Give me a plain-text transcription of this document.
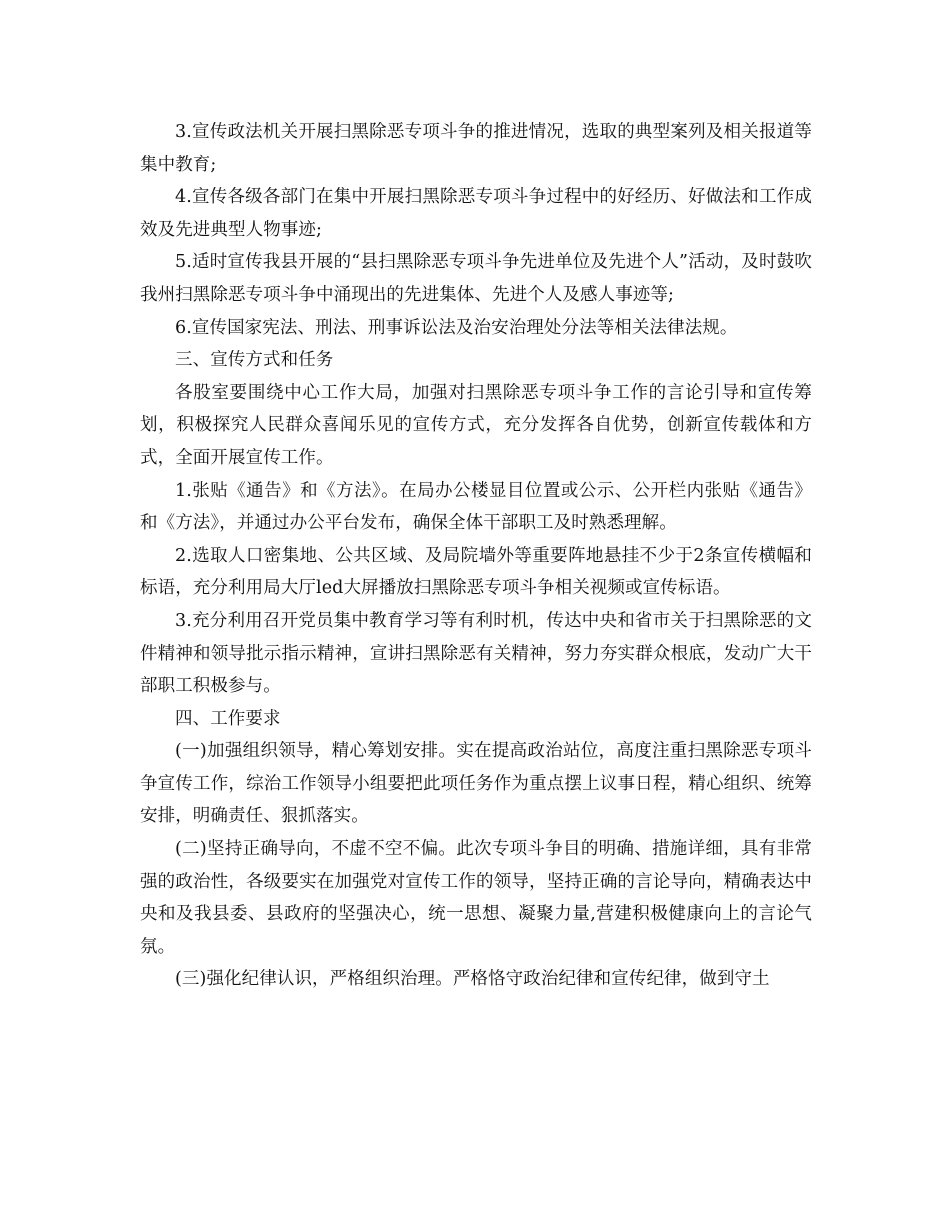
3.宣传政法机关开展扫黑除恶专项斗争的推进情况，选取的典型案列及相关报道等集中教育;

4.宣传各级各部门在集中开展扫黑除恶专项斗争过程中的好经历、好做法和工作成效及先进典型人物事迹;

5.适时宣传我县开展的“县扫黑除恶专项斗争先进单位及先进个人”活动，及时鼓吹我州扫黑除恶专项斗争中涌现出的先进集体、先进个人及感人事迹等;

6.宣传国家宪法、刑法、刑事诉讼法及治安治理处分法等相关法律法规。

三、宣传方式和任务

各股室要围绕中心工作大局，加强对扫黑除恶专项斗争工作的言论引导和宣传筹划，积极探究人民群众喜闻乐见的宣传方式，充分发挥各自优势，创新宣传载体和方式，全面开展宣传工作。

1.张贴《通告》和《方法》。在局办公楼显目位置或公示、公开栏内张贴《通告》和《方法》，并通过办公平台发布，确保全体干部职工及时熟悉理解。

2.选取人口密集地、公共区域、及局院墙外等重要阵地悬挂不少于2条宣传横幅和标语，充分利用局大厅led大屏播放扫黑除恶专项斗争相关视频或宣传标语。

3.充分利用召开党员集中教育学习等有利时机，传达中央和省市关于扫黑除恶的文件精神和领导批示指示精神，宣讲扫黑除恶有关精神，努力夯实群众根底，发动广大干部职工积极参与。

四、工作要求

(一)加强组织领导，精心筹划安排。实在提高政治站位，高度注重扫黑除恶专项斗争宣传工作，综治工作领导小组要把此项任务作为重点摆上议事日程，精心组织、统筹安排，明确责任、狠抓落实。

(二)坚持正确导向，不虚不空不偏。此次专项斗争目的明确、措施详细，具有非常强的政治性，各级要实在加强党对宣传工作的领导，坚持正确的言论导向，精确表达中央和及我县委、县政府的坚强决心，统一思想、凝聚力量,营建积极健康向上的言论气氛。

(三)强化纪律认识，严格组织治理。严格恪守政治纪律和宣传纪律，做到守土
